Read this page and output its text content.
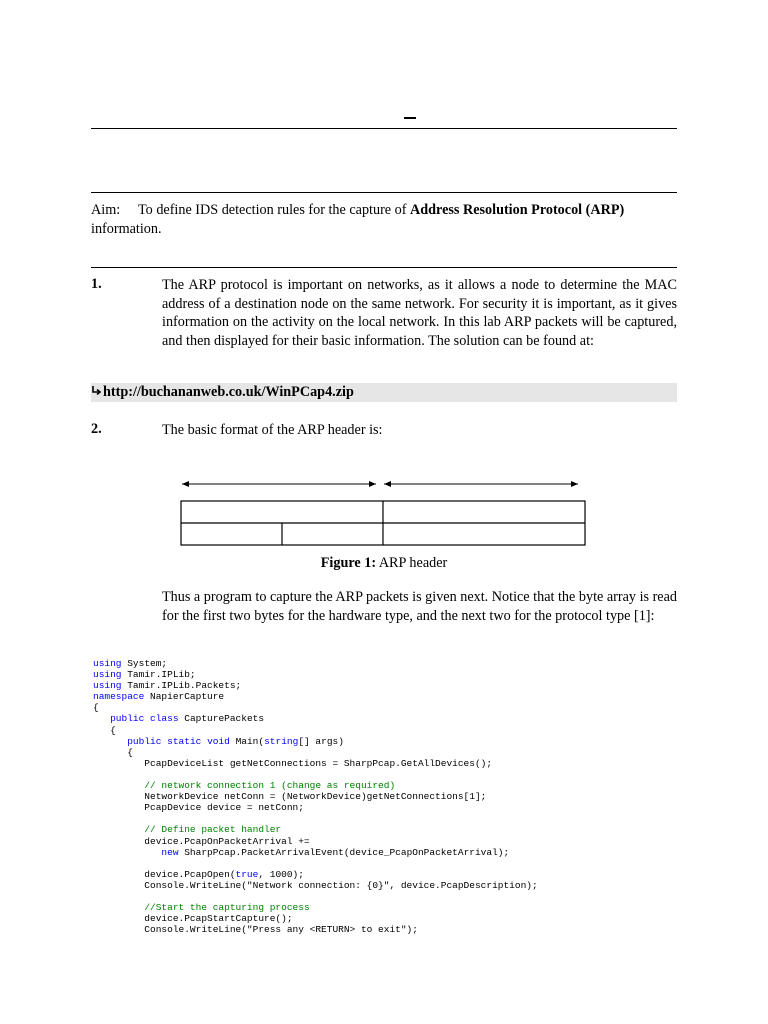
Aim: To define IDS detection rules for the capture of Address Resolution Protocol (ARP)
information.
1.	The ARP protocol is important on networks, as it allows a node to determine the MAC address of a destination node on the same network. For security it is important, as it gives information on the activity on the local network. In this lab ARP packets will be captured, and then displayed for their basic information. The solution can be found at:
http://buchananweb.co.uk/WinPCap4.zip
2.	The basic format of the ARP header is:
Figure 1: ARP header
Thus a program to capture the ARP packets is given next. Notice that the byte array is read for the first two bytes for the hardware type, and the next two for the protocol type [1]:
using System;
using Tamir.IPLib;
using Tamir.IPLib.Packets;
namespace NapierCapture
{
public class CapturePackets
{
public static void Main(string[] args)
{
PcapDeviceList getNetConnections = SharpPcap.GetAllDevices();
// network connection 1 (change as required)
NetworkDevice netConn = (NetworkDevice)getNetConnections[1];
PcapDevice device = netConn;
// Define packet handler
device.PcapOnPacketArrival +=
new SharpPcap.PacketArrivalEvent(device_PcapOnPacketArrival);
device.PcapOpen(true, 1000);
Console.WriteLine("Network connection: {0}", device.PcapDescription);
//Start the capturing process
device.PcapStartCapture();
Console.WriteLine("Press any <RETURN> to exit");
